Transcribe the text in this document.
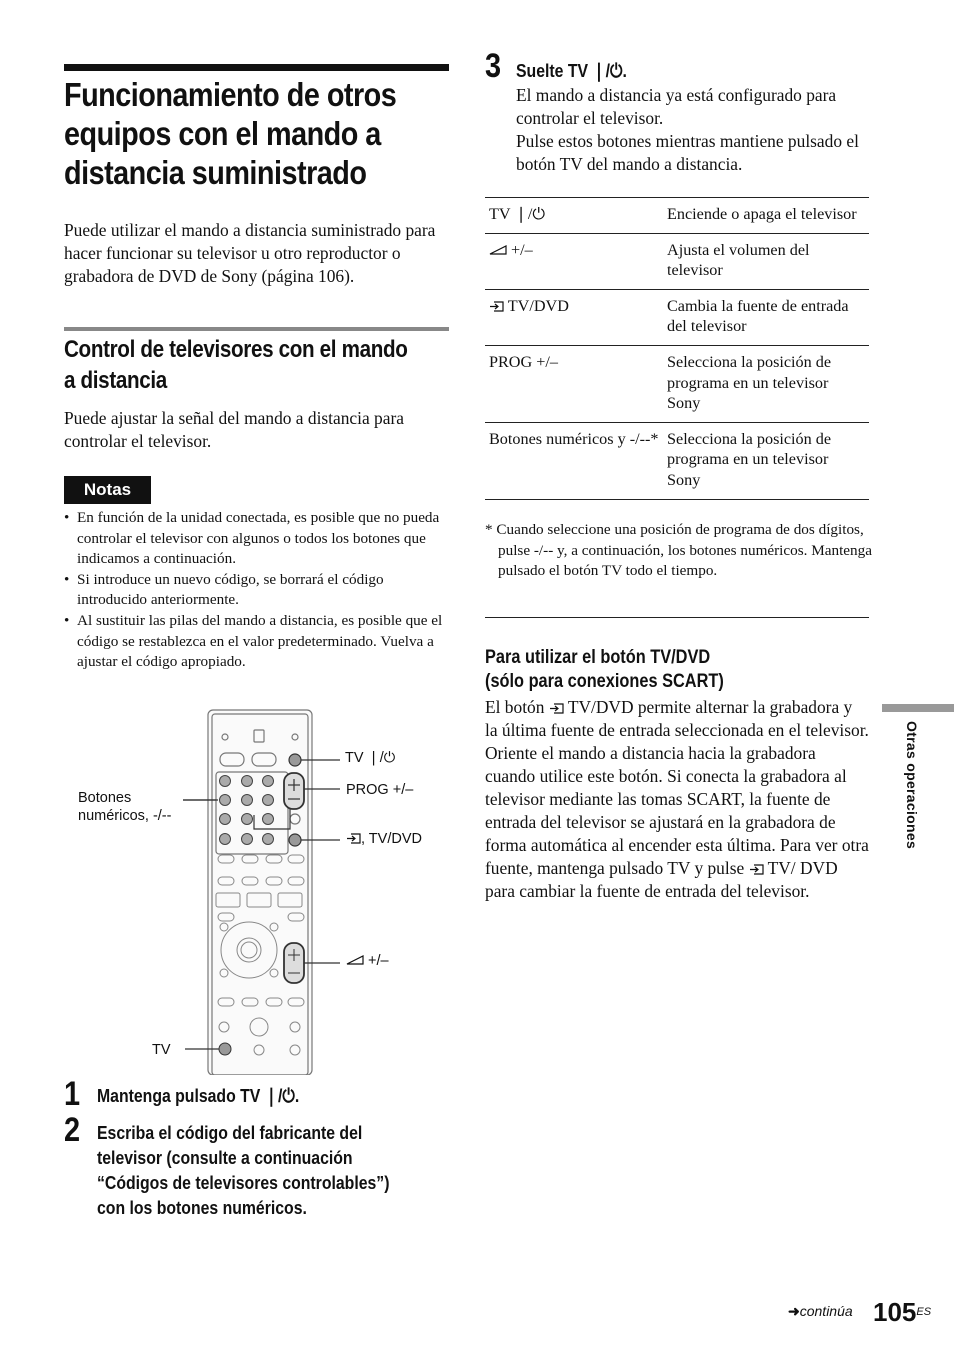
Funcionamiento de otros
equipos con el mando a
distancia suministrado
Puede utilizar el mando a distancia suministrado para hacer funcionar su televisor u otro reproductor o grabadora de DVD de Sony (página 106).
Control de televisores con el mando
a distancia
Puede ajustar la señal del mando a distancia para controlar el televisor.
Notas
• En función de la unidad conectada, es posible que no pueda controlar el televisor con algunos o todos los botones que indicamos a continuación.
• Si introduce un nuevo código, se borrará el código introducido anteriormente.
• Al sustituir las pilas del mando a distancia, es posible que el código se restablezca en el valor predeterminado. Vuelva a ajustar el código apropiado.
Botones numéricos, -/--
TV ❘/⏻
PROG +/–
, TV/DVD
+/–
TV
1 Mantenga pulsado TV ❘/⏻.
2 Escriba el código del fabricante del
televisor (consulte a continuación
“Códigos de televisores controlables”)
con los botones numéricos.
3 Suelte TV ❘/⏻.
El mando a distancia ya está configurado para controlar el televisor.
Pulse estos botones mientras mantiene pulsado el botón TV del mando a distancia.
TV ❘/⏻	Enciende o apaga el televisor
+/–	Ajusta el volumen del televisor
TV/DVD	Cambia la fuente de entrada del televisor
PROG +/–	Selecciona la posición de programa en un televisor Sony
Botones numéricos y -/--*	Selecciona la posición de programa en un televisor Sony
* Cuando seleccione una posición de programa de dos dígitos, pulse -/-- y, a continuación, los botones numéricos. Mantenga pulsado el botón TV todo el tiempo.
Para utilizar el botón TV/DVD
(sólo para conexiones SCART)
El botón TV/DVD permite alternar la grabadora y la última fuente de entrada seleccionada en el televisor. Oriente el mando a distancia hacia la grabadora cuando utilice este botón. Si conecta la grabadora al televisor mediante las tomas SCART, la fuente de entrada del televisor se ajustará en la grabadora de forma automática al encender esta última. Para ver otra fuente, mantenga pulsado TV y pulse TV/ DVD para cambiar la fuente de entrada del televisor.
Otras operaciones
➜continúa $105^{ES}$
